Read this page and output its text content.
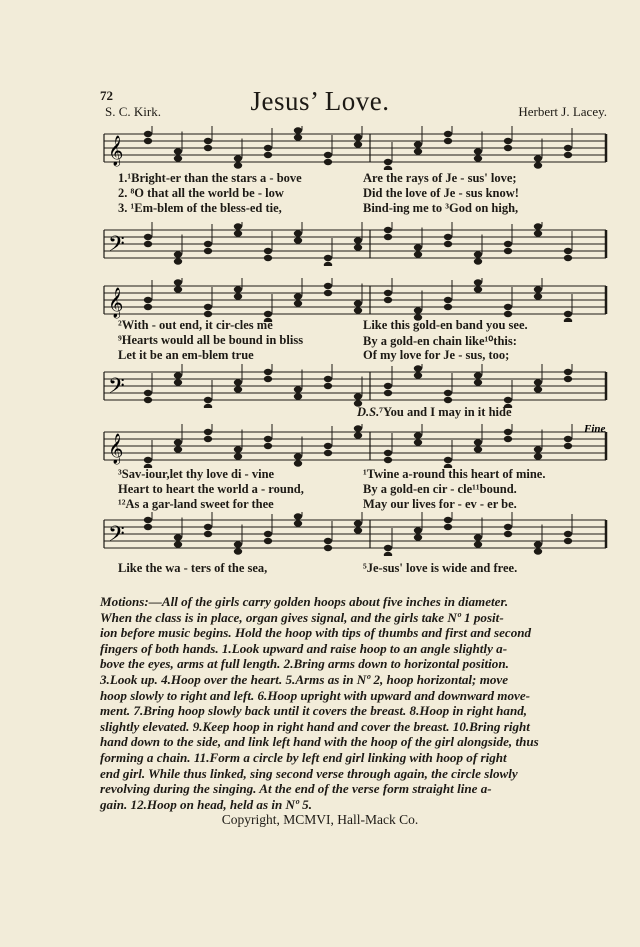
72	Jesus’ Love.
S. C. Kirk.	Herbert J. Lacey.
𝄞
1.¹Bright-er than the stars a - bove	Are the rays of Je - sus' love;
2. ⁸O that all the world be - low	Did the love of Je - sus know!
3. ¹Em-blem of the bless-ed tie,	Bind-ing me to ³God on high,
𝄢
𝄞
²With - out end, it cir-cles me	Like this gold-en band you see.
⁹Hearts would all be bound in bliss	By a gold-en chain like¹⁰this:
Let it be an em-blem true	Of my love for Je - sus, too;
𝄢
D.S.⁷You and I may in it hide
𝄞
Fine
³Sav-iour,let thy love di - vine	¹Twine a-round this heart of mine.
Heart to heart the world a - round,	By a gold-en cir - cle¹¹bound.
¹²As a gar-land sweet for thee	May our lives for - ev - er be.
𝄢
Like the wa - ters of the sea,	⁵Je-sus' love is wide and free.
Motions:—All of the girls carry golden hoops about five inches in diameter.
When the class is in place, organ gives signal, and the girls take Nº 1 posit-
ion before music begins. Hold the hoop with tips of thumbs and first and second
fingers of both hands. 1.Look upward and raise hoop to an angle slightly a-
bove the eyes, arms at full length. 2.Bring arms down to horizontal position.
3.Look up. 4.Hoop over the heart. 5.Arms as in Nº 2, hoop horizontal; move
hoop slowly to right and left. 6.Hoop upright with upward and downward move-
ment. 7.Bring hoop slowly back until it covers the breast. 8.Hoop in right hand,
slightly elevated. 9.Keep hoop in right hand and cover the breast. 10.Bring right
hand down to the side, and link left hand with the hoop of the girl alongside, thus
forming a chain. 11.Form a circle by left end girl linking with hoop of right
end girl. While thus linked, sing second verse through again, the circle slowly
revolving during the singing. At the end of the verse form straight line a-
gain. 12.Hoop on head, held as in Nº 5.
Copyright, MCMVI, Hall-Mack Co.
